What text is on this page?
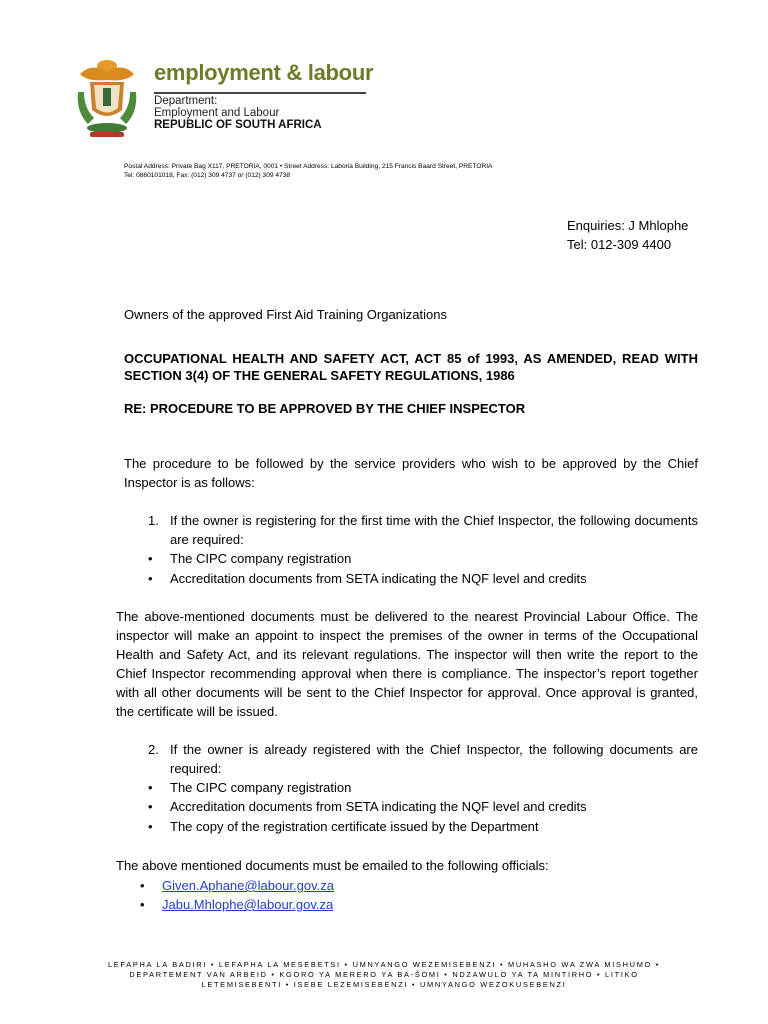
employment & labour
Department:
Employment and Labour
REPUBLIC OF SOUTH AFRICA
Postal Address: Private Bag X117, PRETORIA, 0001 • Street Address: Laboria Building, 215 Francis Baard Street, PRETORIA
Tel: 0860101018, Fax: (012) 309 4737 or (012) 309 4738
Enquiries: J Mhlophe
Tel: 012-309 4400
Owners of the approved First Aid Training Organizations
OCCUPATIONAL HEALTH AND SAFETY ACT, ACT 85 of 1993, AS AMENDED, READ WITH SECTION 3(4) OF THE GENERAL SAFETY REGULATIONS, 1986
RE: PROCEDURE TO BE APPROVED BY THE CHIEF INSPECTOR
The procedure to be followed by the service providers who wish to be approved by the Chief Inspector is as follows:
1. If the owner is registering for the first time with the Chief Inspector, the following documents are required:
• The CIPC company registration
• Accreditation documents from SETA indicating the NQF level and credits
The above-mentioned documents must be delivered to the nearest Provincial Labour Office. The inspector will make an appoint to inspect the premises of the owner in terms of the Occupational Health and Safety Act, and its relevant regulations. The inspector will then write the report to the Chief Inspector recommending approval when there is compliance. The inspector’s report together with all other documents will be sent to the Chief Inspector for approval. Once approval is granted, the certificate will be issued.
2. If the owner is already registered with the Chief Inspector, the following documents are required:
• The CIPC company registration
• Accreditation documents from SETA indicating the NQF level and credits
• The copy of the registration certificate issued by the Department
The above mentioned documents must be emailed to the following officials:
• Given.Aphane@labour.gov.za
• Jabu.Mhlophe@labour.gov.za
LEFAPHA LA BADIRI • LEFAPHA LA MESEBETSI • UMNYANGO WEZEMISEBENZI • MUHASHO WA ZWA MISHUMO •
DEPARTEMENT VAN ARBEID • KGORO YA MERERO YA BA-ŠOMI • NDZAWULO YA TA MINTIRHO • LITIKO
LETEMISEBENTI • ISEBE LEZEMISEBENZI • UMNYANGO WEZOKUSEBENZI
